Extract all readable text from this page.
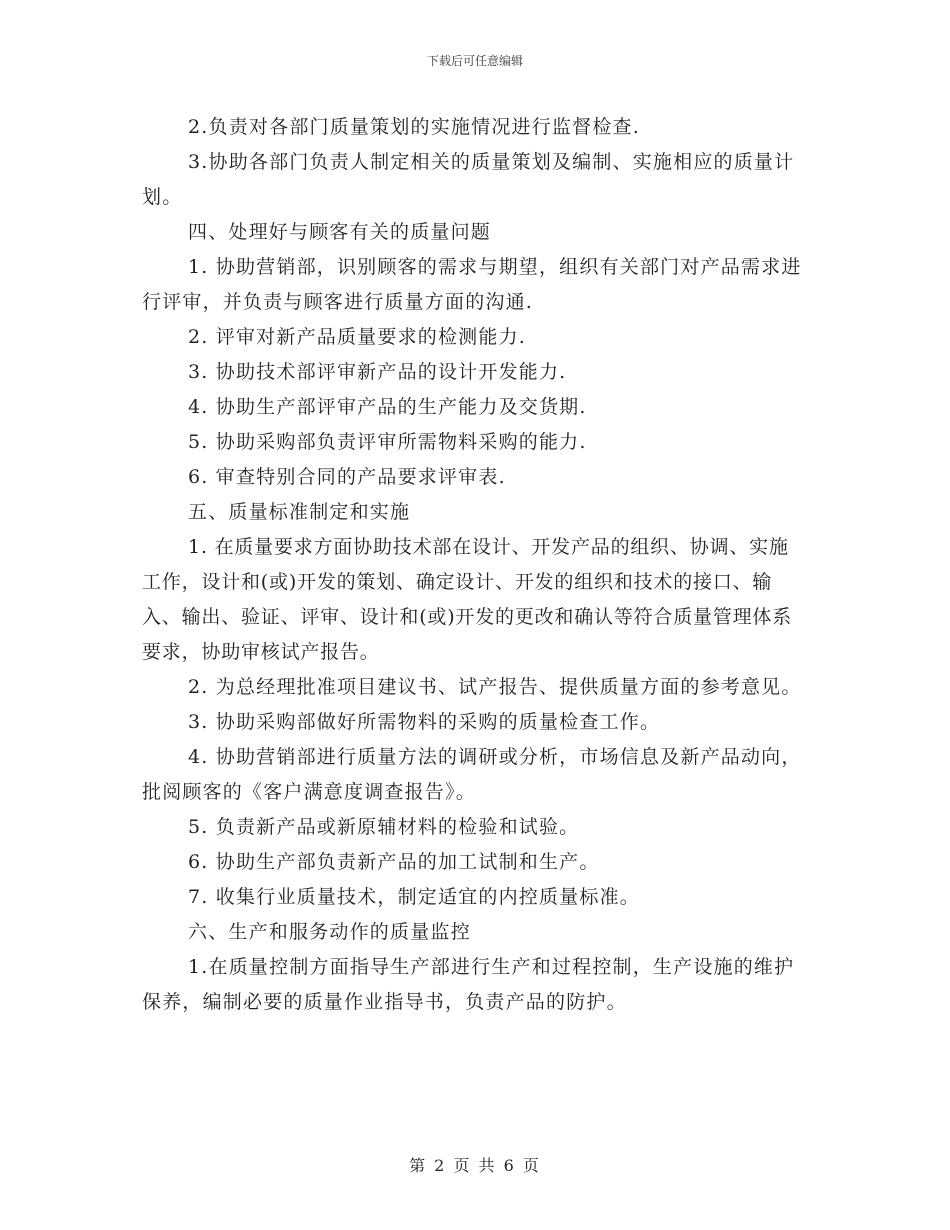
下载后可任意编辑

2.负责对各部门质量策划的实施情况进行监督检查.

3.协助各部门负责人制定相关的质量策划及编制、实施相应的质量计划。

四、处理好与顾客有关的质量问题

1. 协助营销部，识别顾客的需求与期望，组织有关部门对产品需求进行评审，并负责与顾客进行质量方面的沟通.

2. 评审对新产品质量要求的检测能力.

3. 协助技术部评审新产品的设计开发能力.

4. 协助生产部评审产品的生产能力及交货期.

5. 协助采购部负责评审所需物料采购的能力.

6. 审查特别合同的产品要求评审表.

五、质量标准制定和实施

1. 在质量要求方面协助技术部在设计、开发产品的组织、协调、实施工作，设计和(或)开发的策划、确定设计、开发的组织和技术的接口、输入、输出、验证、评审、设计和(或)开发的更改和确认等符合质量管理体系要求，协助审核试产报告。

2. 为总经理批准项目建议书、试产报告、提供质量方面的参考意见。

3. 协助采购部做好所需物料的采购的质量检查工作。

4. 协助营销部进行质量方法的调研或分析，市场信息及新产品动向，批阅顾客的《客户满意度调查报告》。

5. 负责新产品或新原辅材料的检验和试验。

6. 协助生产部负责新产品的加工试制和生产。

7. 收集行业质量技术，制定适宜的内控质量标准。

六、生产和服务动作的质量监控

1.在质量控制方面指导生产部进行生产和过程控制，生产设施的维护保养，编制必要的质量作业指导书，负责产品的防护。

第 2 页 共 6 页
